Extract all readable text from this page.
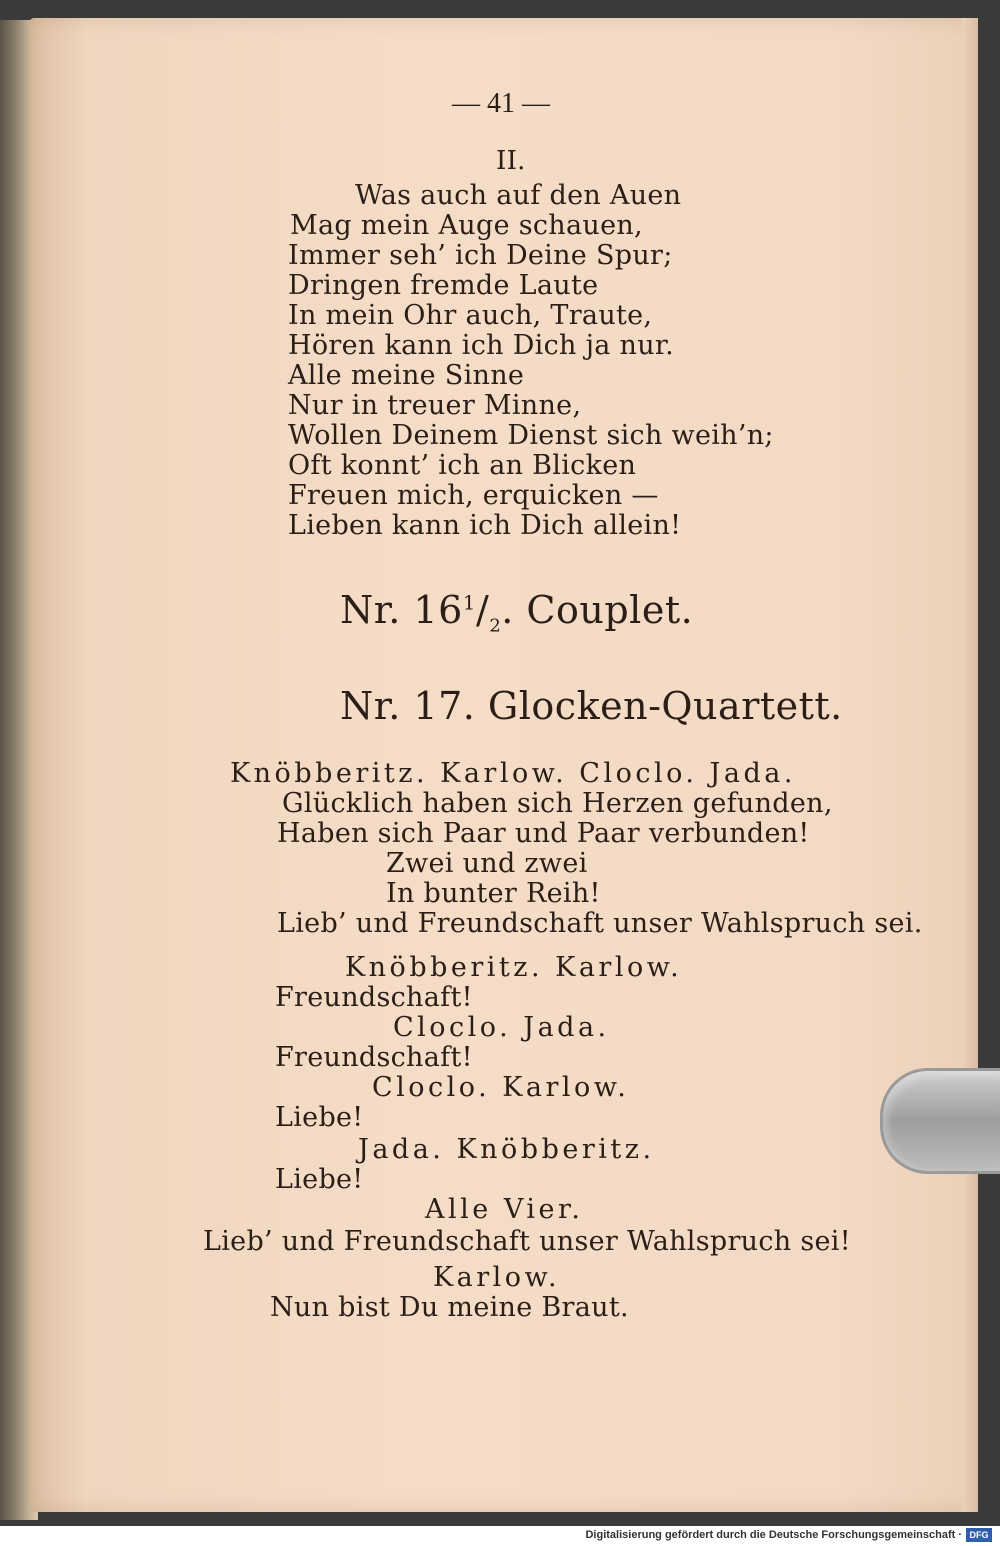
— 41 —
II.
Was auch auf den Auen
Mag mein Auge schauen,
Immer seh’ ich Deine Spur;
Dringen fremde Laute
In mein Ohr auch, Traute,
Hören kann ich Dich ja nur.
Alle meine Sinne
Nur in treuer Minne,
Wollen Deinem Dienst sich weih’n;
Oft konnt’ ich an Blicken
Freuen mich, erquicken —
Lieben kann ich Dich allein!
Nr. $16^1/_2$. Couplet.
Nr. 17. Glocken-Quartett.
Knöbberitz. Karlow. Cloclo. Jada.
Glücklich haben sich Herzen gefunden,
Haben sich Paar und Paar verbunden!
Zwei und zwei
In bunter Reih!
Lieb’ und Freundschaft unser Wahlspruch sei.
Knöbberitz. Karlow.
Freundschaft!
Cloclo. Jada.
Freundschaft!
Cloclo. Karlow.
Liebe!
Jada. Knöbberitz.
Liebe!
Alle Vier.
Lieb’ und Freundschaft unser Wahlspruch sei!
Karlow.
Nun bist Du meine Braut.
Digitalisierung gefördert durch die Deutsche Forschungsgemeinschaft · DFG
